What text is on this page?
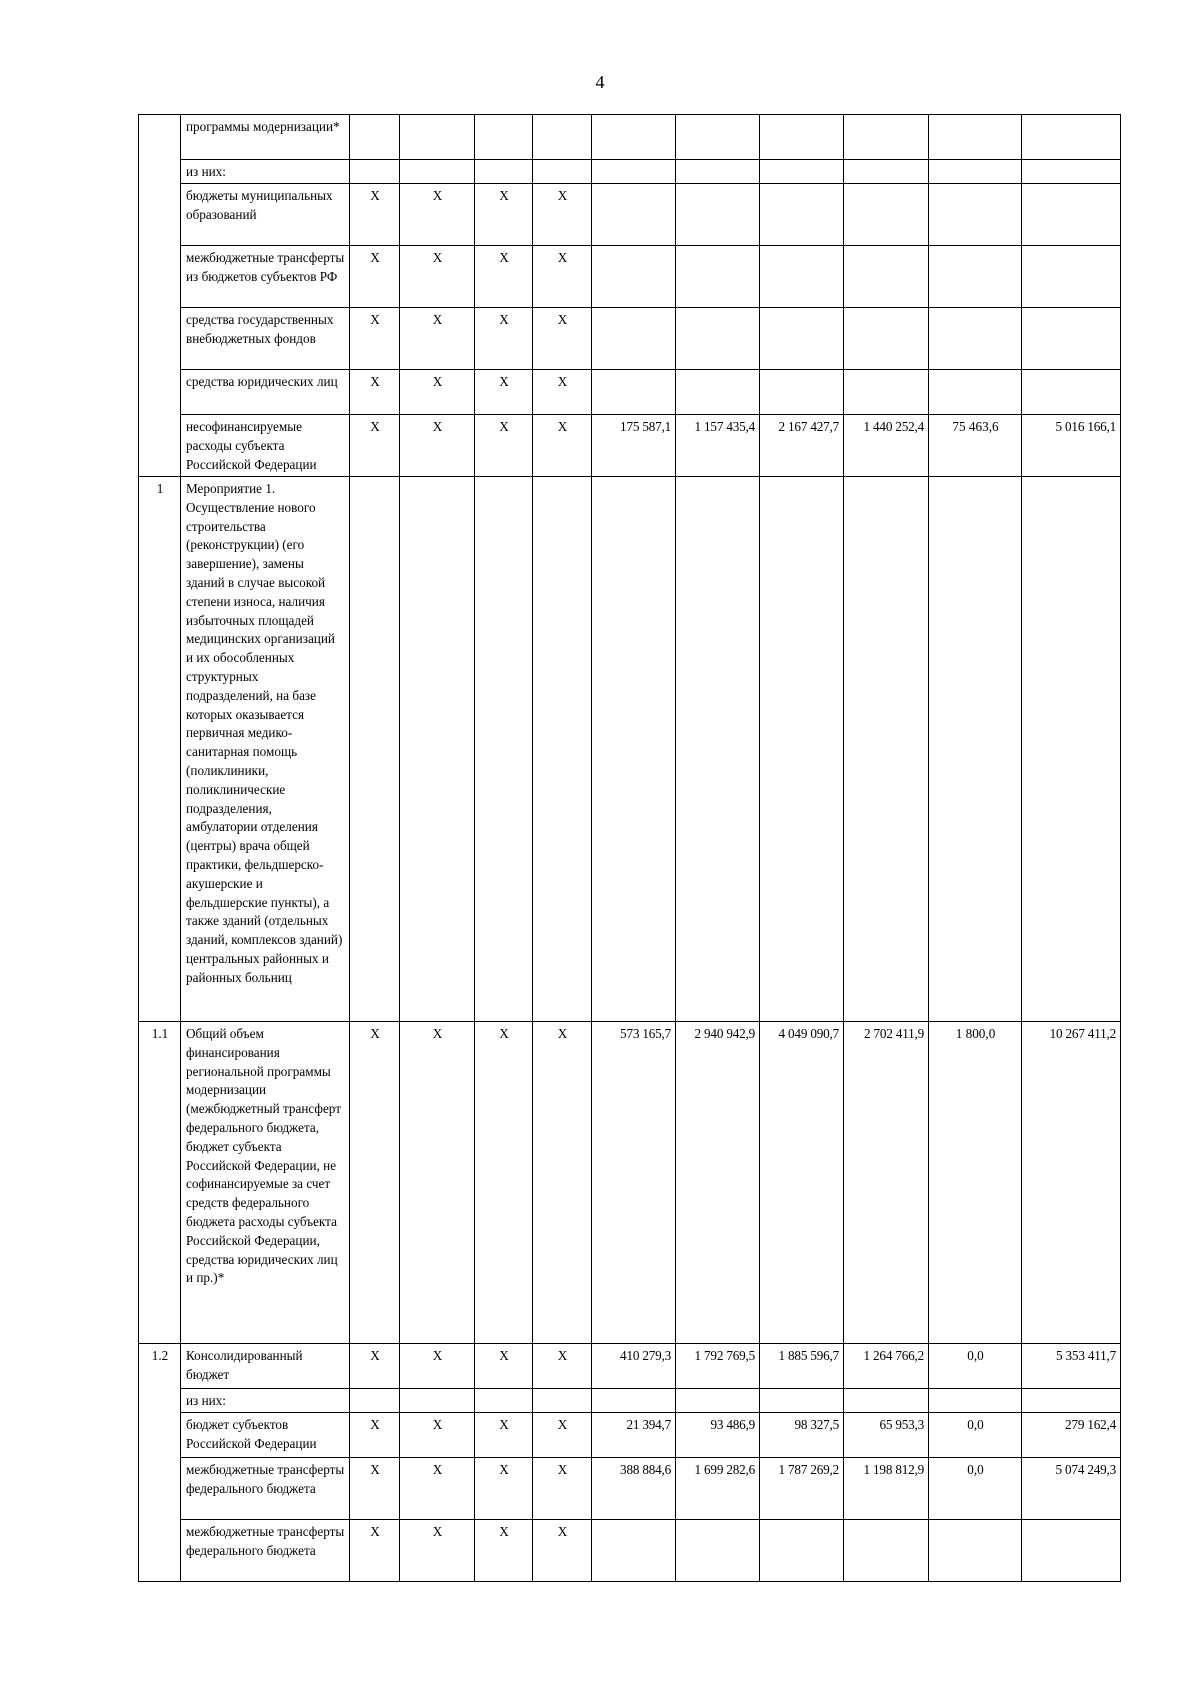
4
	программы модернизации*										
	из них:										
	бюджеты муниципальных образований	X	X	X	X						
	межбюджетные трансферты из бюджетов субъектов РФ	X	X	X	X						
	средства государственных внебюджетных фондов	X	X	X	X						
	средства юридических лиц	X	X	X	X						
	несофинансируемые расходы субъекта Российской Федерации	X	X	X	X	175 587,1	1 157 435,4	2 167 427,7	1 440 252,4	75 463,6	5 016 166,1
1	Мероприятие 1. Осуществление нового строительства (реконструкции) (его завершение), замены зданий в случае высокой степени износа, наличия избыточных площадей медицинских организаций и их обособленных структурных подразделений, на базе которых оказывается первичная медико-санитарная помощь (поликлиники, поликлинические подразделения, амбулатории отделения (центры) врача общей практики, фельдшерско-акушерские и фельдшерские пункты), а также зданий (отдельных зданий, комплексов зданий) центральных районных и районных больниц										
1.1	Общий объем финансирования региональной программы модернизации (межбюджетный трансферт федерального бюджета, бюджет субъекта Российской Федерации, не софинансируемые за счет средств федерального бюджета расходы субъекта Российской Федерации, средства юридических лиц и пр.)*	X	X	X	X	573 165,7	2 940 942,9	4 049 090,7	2 702 411,9	1 800,0	10 267 411,2
1.2	Консолидированный бюджет	X	X	X	X	410 279,3	1 792 769,5	1 885 596,7	1 264 766,2	0,0	5 353 411,7
	из них:										
	бюджет субъектов Российской Федерации	X	X	X	X	21 394,7	93 486,9	98 327,5	65 953,3	0,0	279 162,4
	межбюджетные трансферты федерального бюджета	X	X	X	X	388 884,6	1 699 282,6	1 787 269,2	1 198 812,9	0,0	5 074 249,3
	межбюджетные трансферты федерального бюджета	X	X	X	X						
